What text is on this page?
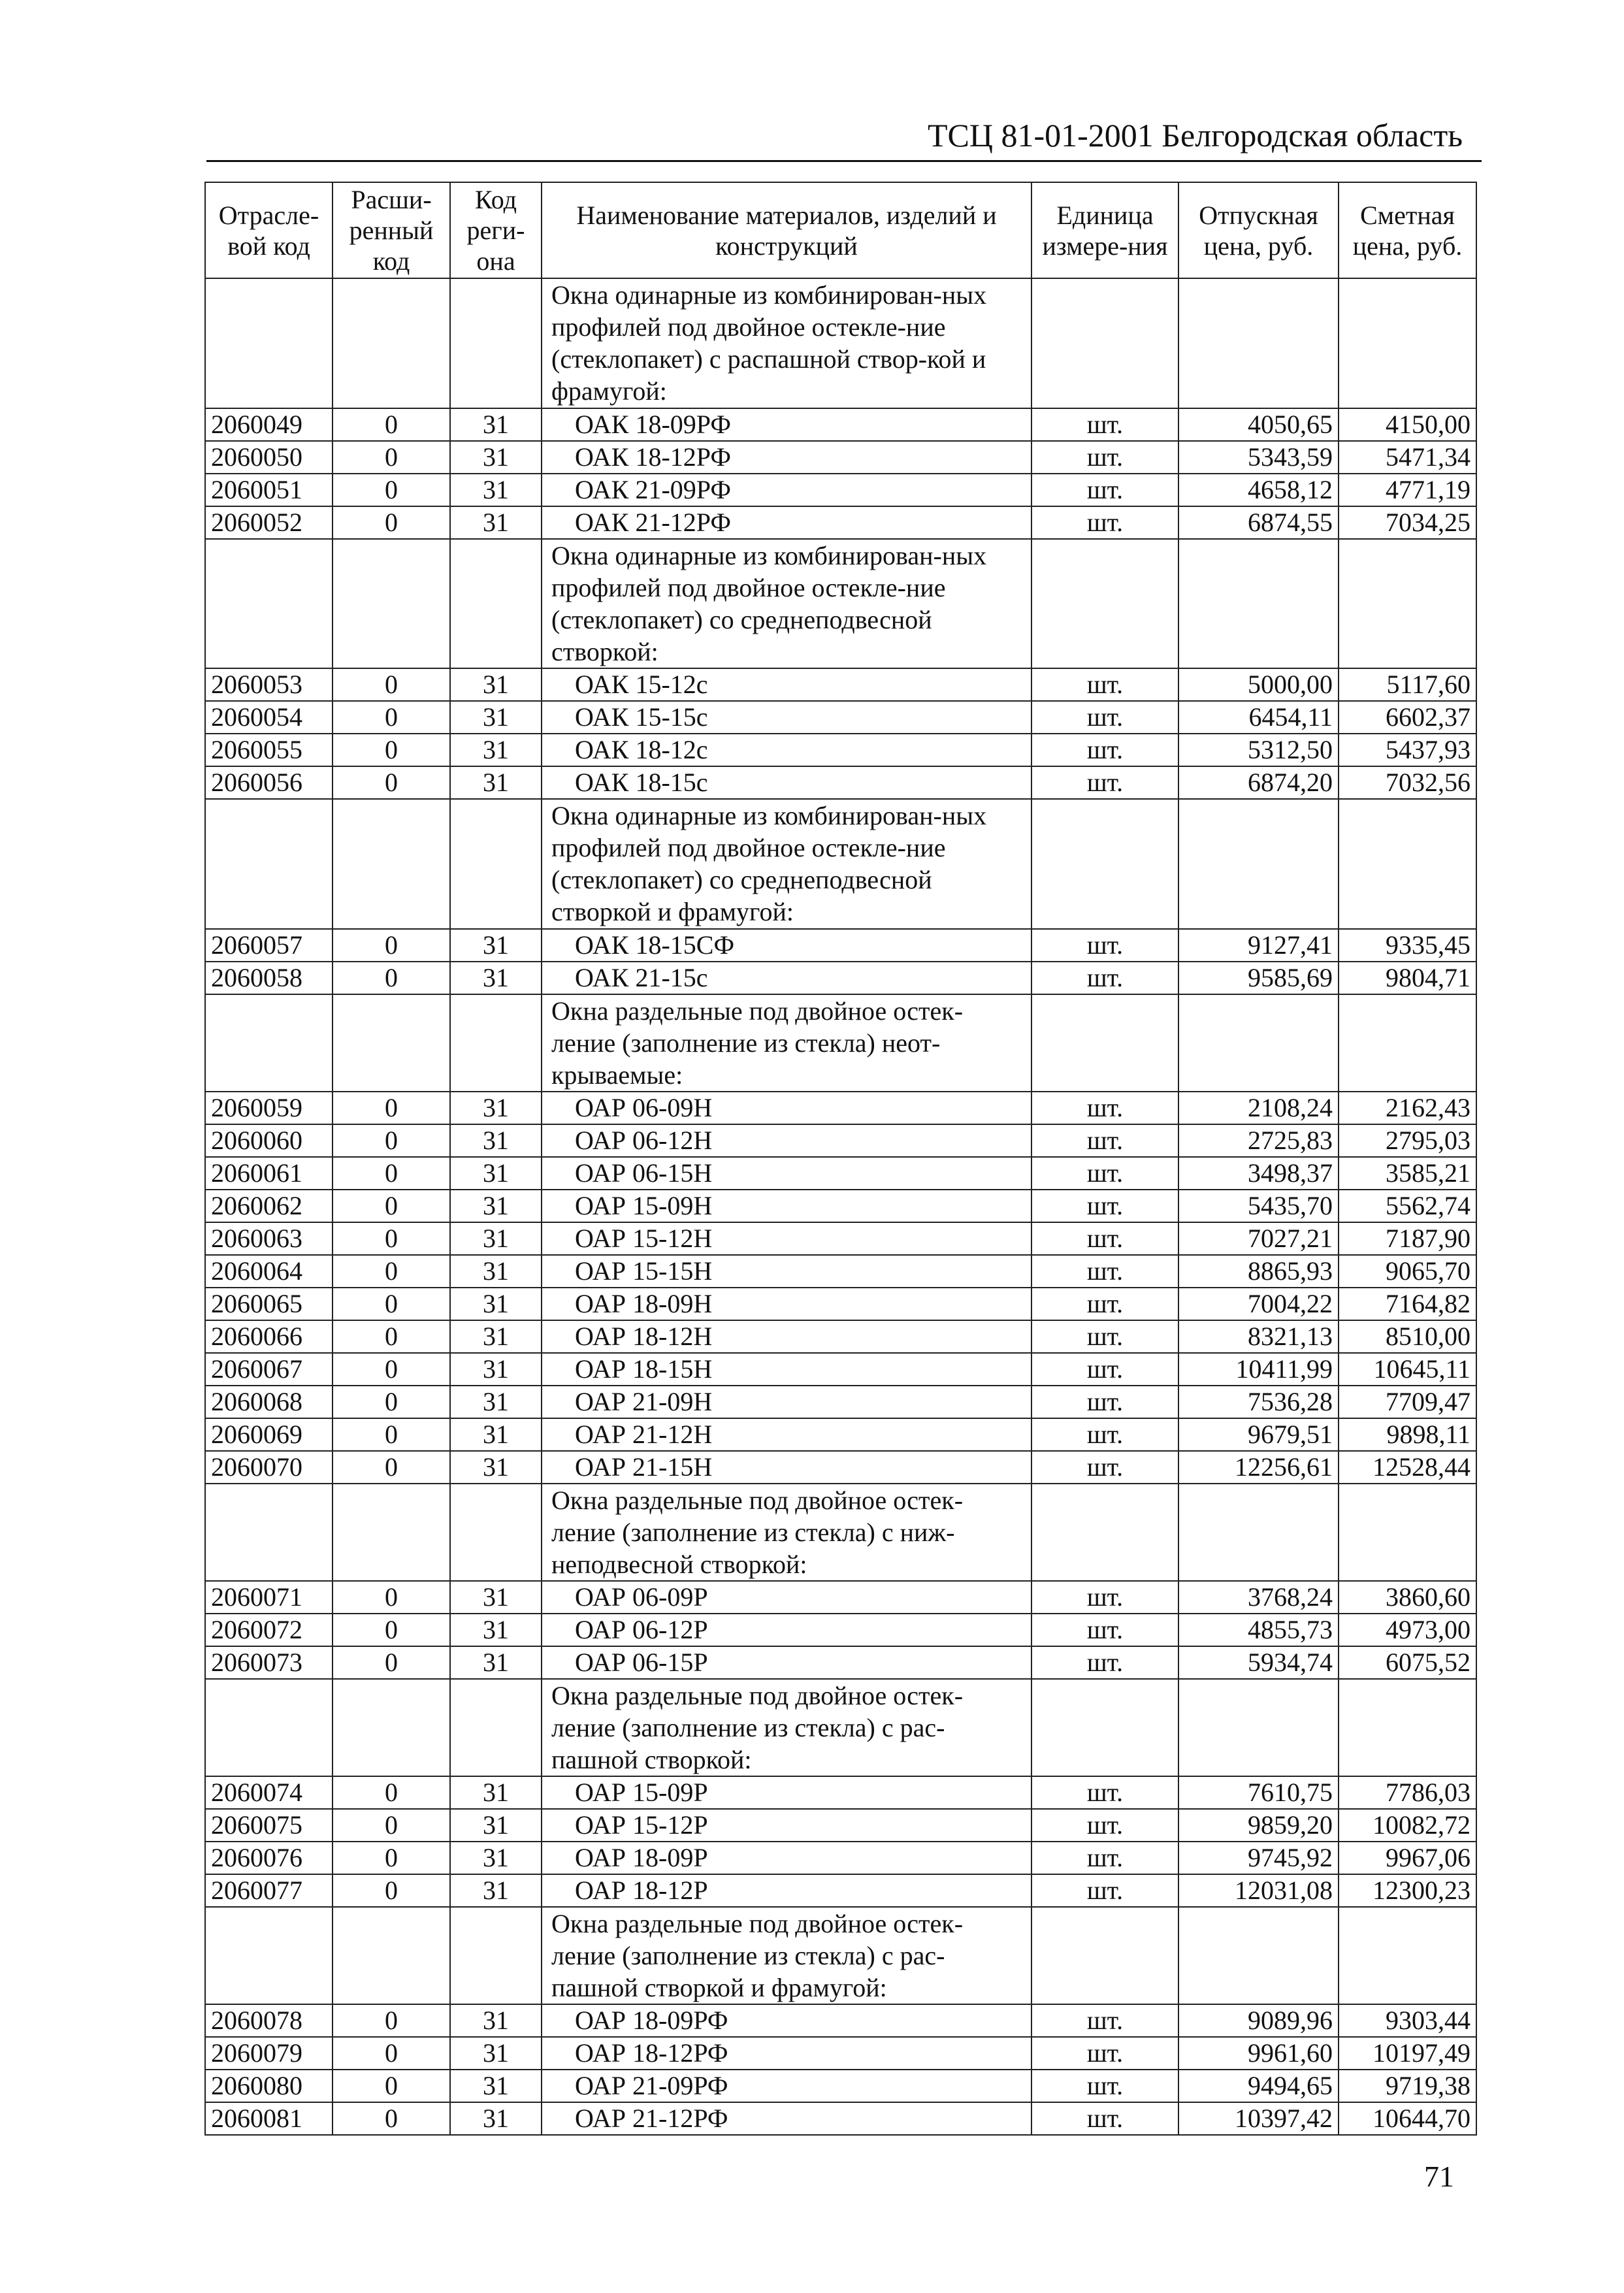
ТСЦ 81-01-2001 Белгородская область
Отрасле-вой код	Расши-ренный код	Код реги-она	Наименование материалов, изделий и конструкций	Единица измере-ния	Отпускная цена, руб.	Сметная цена, руб.
			Окна одинарные из комбинирован-ных профилей под двойное остекле-ние (стеклопакет) с распашной створ-кой и фрамугой:			
2060049	0	31	ОАК 18-09РФ	шт.	4050,65	4150,00
2060050	0	31	ОАК 18-12РФ	шт.	5343,59	5471,34
2060051	0	31	ОАК 21-09РФ	шт.	4658,12	4771,19
2060052	0	31	ОАК 21-12РФ	шт.	6874,55	7034,25
			Окна одинарные из комбинирован-ных профилей под двойное остекле-ние (стеклопакет) со среднеподвесной створкой:			
2060053	0	31	ОАК 15-12с	шт.	5000,00	5117,60
2060054	0	31	ОАК 15-15с	шт.	6454,11	6602,37
2060055	0	31	ОАК 18-12с	шт.	5312,50	5437,93
2060056	0	31	ОАК 18-15с	шт.	6874,20	7032,56
			Окна одинарные из комбинирован-ных профилей под двойное остекле-ние (стеклопакет) со среднеподвесной створкой и фрамугой:			
2060057	0	31	ОАК 18-15СФ	шт.	9127,41	9335,45
2060058	0	31	ОАК 21-15с	шт.	9585,69	9804,71
			Окна раздельные под двойное остек-ление (заполнение из стекла) неот-крываемые:			
2060059	0	31	ОАР 06-09Н	шт.	2108,24	2162,43
2060060	0	31	ОАР 06-12Н	шт.	2725,83	2795,03
2060061	0	31	ОАР 06-15Н	шт.	3498,37	3585,21
2060062	0	31	ОАР 15-09Н	шт.	5435,70	5562,74
2060063	0	31	ОАР 15-12Н	шт.	7027,21	7187,90
2060064	0	31	ОАР 15-15Н	шт.	8865,93	9065,70
2060065	0	31	ОАР 18-09Н	шт.	7004,22	7164,82
2060066	0	31	ОАР 18-12Н	шт.	8321,13	8510,00
2060067	0	31	ОАР 18-15Н	шт.	10411,99	10645,11
2060068	0	31	ОАР 21-09Н	шт.	7536,28	7709,47
2060069	0	31	ОАР 21-12Н	шт.	9679,51	9898,11
2060070	0	31	ОАР 21-15Н	шт.	12256,61	12528,44
			Окна раздельные под двойное остек-ление (заполнение из стекла) с ниж-неподвесной створкой:			
2060071	0	31	ОАР 06-09Р	шт.	3768,24	3860,60
2060072	0	31	ОАР 06-12Р	шт.	4855,73	4973,00
2060073	0	31	ОАР 06-15Р	шт.	5934,74	6075,52
			Окна раздельные под двойное остек-ление (заполнение из стекла) с рас-пашной створкой:			
2060074	0	31	ОАР 15-09Р	шт.	7610,75	7786,03
2060075	0	31	ОАР 15-12Р	шт.	9859,20	10082,72
2060076	0	31	ОАР 18-09Р	шт.	9745,92	9967,06
2060077	0	31	ОАР 18-12Р	шт.	12031,08	12300,23
			Окна раздельные под двойное остек-ление (заполнение из стекла) с рас-пашной створкой и фрамугой:			
2060078	0	31	ОАР 18-09РФ	шт.	9089,96	9303,44
2060079	0	31	ОАР 18-12РФ	шт.	9961,60	10197,49
2060080	0	31	ОАР 21-09РФ	шт.	9494,65	9719,38
2060081	0	31	ОАР 21-12РФ	шт.	10397,42	10644,70
71
